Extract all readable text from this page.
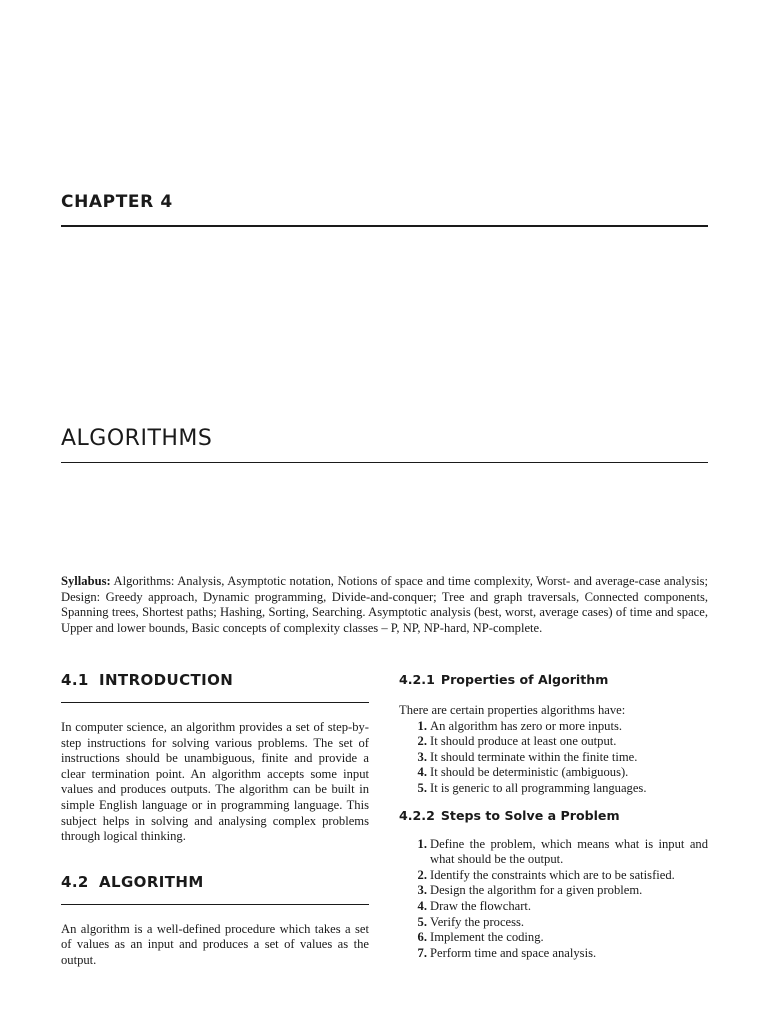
CHAPTER 4
ALGORITHMS

Syllabus: Algorithms: Analysis, Asymptotic notation, Notions of space and time complexity, Worst- and average-case analysis; Design: Greedy approach, Dynamic programming, Divide-and-conquer; Tree and graph traversals, Connected components, Spanning trees, Shortest paths; Hashing, Sorting, Searching. Asymptotic analysis (best, worst, average cases) of time and space, Upper and lower bounds, Basic concepts of complexity classes – P, NP, NP-hard, NP-complete.

4.1 INTRODUCTION

In computer science, an algorithm provides a set of step-by-step instructions for solving various problems. The set of instructions should be unambiguous, finite and provide a clear termination point. An algorithm accepts some input values and produces outputs. The algorithm can be built in simple English language or in programming language. This subject helps in solving and analysing complex problems through logical thinking.

4.2 ALGORITHM

An algorithm is a well-defined procedure which takes a set of values as an input and produces a set of values as the output.

4.2.1 Properties of Algorithm

There are certain properties algorithms have:

1. An algorithm has zero or more inputs.
2. It should produce at least one output.
3. It should terminate within the finite time.
4. It should be deterministic (ambiguous).
5. It is generic to all programming languages.
4.2.2 Steps to Solve a Problem
1. Define the problem, which means what is input and what should be the output.
2. Identify the constraints which are to be satisfied.
3. Design the algorithm for a given problem.
4. Draw the flowchart.
5. Verify the process.
6. Implement the coding.
7. Perform time and space analysis.
